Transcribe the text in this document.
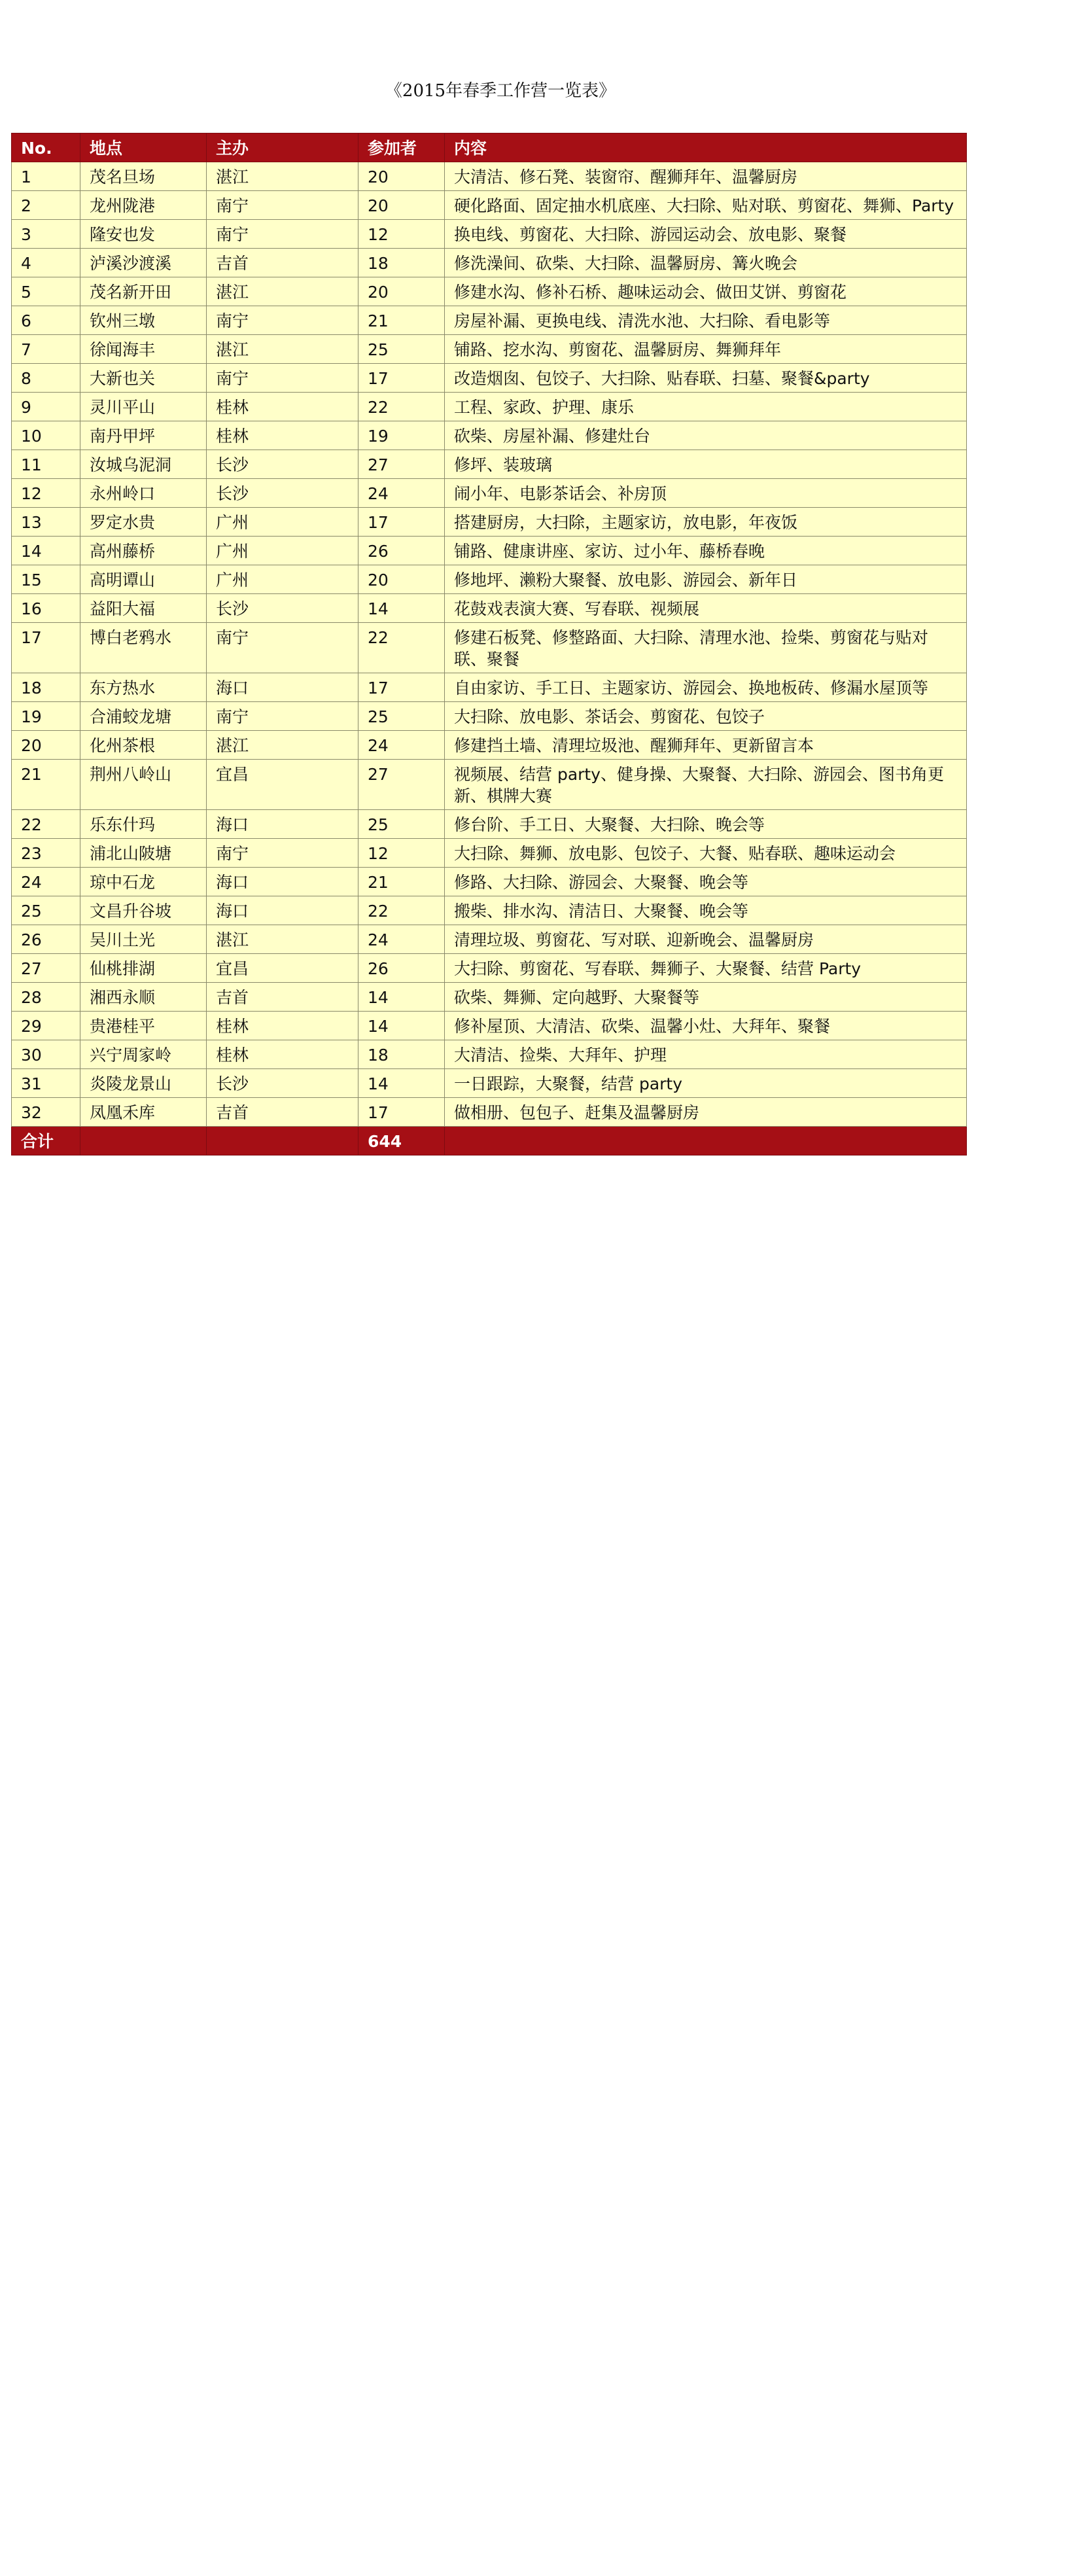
《2015年春季工作营一览表》
No.	地点	主办	参加者	内容
1	茂名旦场	湛江	20	大清洁、修石凳、装窗帘、醒狮拜年、温馨厨房
2	龙州陇港	南宁	20	硬化路面、固定抽水机底座、大扫除、贴对联、剪窗花、舞狮、Party
3	隆安也发	南宁	12	换电线、剪窗花、大扫除、游园运动会、放电影、聚餐
4	泸溪沙渡溪	吉首	18	修洗澡间、砍柴、大扫除、温馨厨房、篝火晚会
5	茂名新开田	湛江	20	修建水沟、修补石桥、趣味运动会、做田艾饼、剪窗花
6	钦州三墩	南宁	21	房屋补漏、更换电线、清洗水池、大扫除、看电影等
7	徐闻海丰	湛江	25	铺路、挖水沟、剪窗花、温馨厨房、舞狮拜年
8	大新也关	南宁	17	改造烟囱、包饺子、大扫除、贴春联、扫墓、聚餐&party
9	灵川平山	桂林	22	工程、家政、护理、康乐
10	南丹甲坪	桂林	19	砍柴、房屋补漏、修建灶台
11	汝城乌泥洞	长沙	27	修坪、装玻璃
12	永州岭口	长沙	24	闹小年、电影茶话会、补房顶
13	罗定水贵	广州	17	搭建厨房，大扫除，主题家访，放电影，年夜饭
14	高州藤桥	广州	26	铺路、健康讲座、家访、过小年、藤桥春晚
15	高明谭山	广州	20	修地坪、濑粉大聚餐、放电影、游园会、新年日
16	益阳大福	长沙	14	花鼓戏表演大赛、写春联、视频展
17	博白老鸦水	南宁	22	修建石板凳、修整路面、大扫除、清理水池、捡柴、剪窗花与贴对联、聚餐
18	东方热水	海口	17	自由家访、手工日、主题家访、游园会、换地板砖、修漏水屋顶等
19	合浦蛟龙塘	南宁	25	大扫除、放电影、茶话会、剪窗花、包饺子
20	化州茶根	湛江	24	修建挡土墙、清理垃圾池、醒狮拜年、更新留言本
21	荆州八岭山	宜昌	27	视频展、结营 party、健身操、大聚餐、大扫除、游园会、图书角更新、棋牌大赛
22	乐东什玛	海口	25	修台阶、手工日、大聚餐、大扫除、晚会等
23	浦北山陂塘	南宁	12	大扫除、舞狮、放电影、包饺子、大餐、贴春联、趣味运动会
24	琼中石龙	海口	21	修路、大扫除、游园会、大聚餐、晚会等
25	文昌升谷坡	海口	22	搬柴、排水沟、清洁日、大聚餐、晚会等
26	吴川土光	湛江	24	清理垃圾、剪窗花、写对联、迎新晚会、温馨厨房
27	仙桃排湖	宜昌	26	大扫除、剪窗花、写春联、舞狮子、大聚餐、结营 Party
28	湘西永顺	吉首	14	砍柴、舞狮、定向越野、大聚餐等
29	贵港桂平	桂林	14	修补屋顶、大清洁、砍柴、温馨小灶、大拜年、聚餐
30	兴宁周家岭	桂林	18	大清洁、捡柴、大拜年、护理
31	炎陵龙景山	长沙	14	一日跟踪，大聚餐，结营 party
32	凤凰禾库	吉首	17	做相册、包包子、赶集及温馨厨房
合计			644	
